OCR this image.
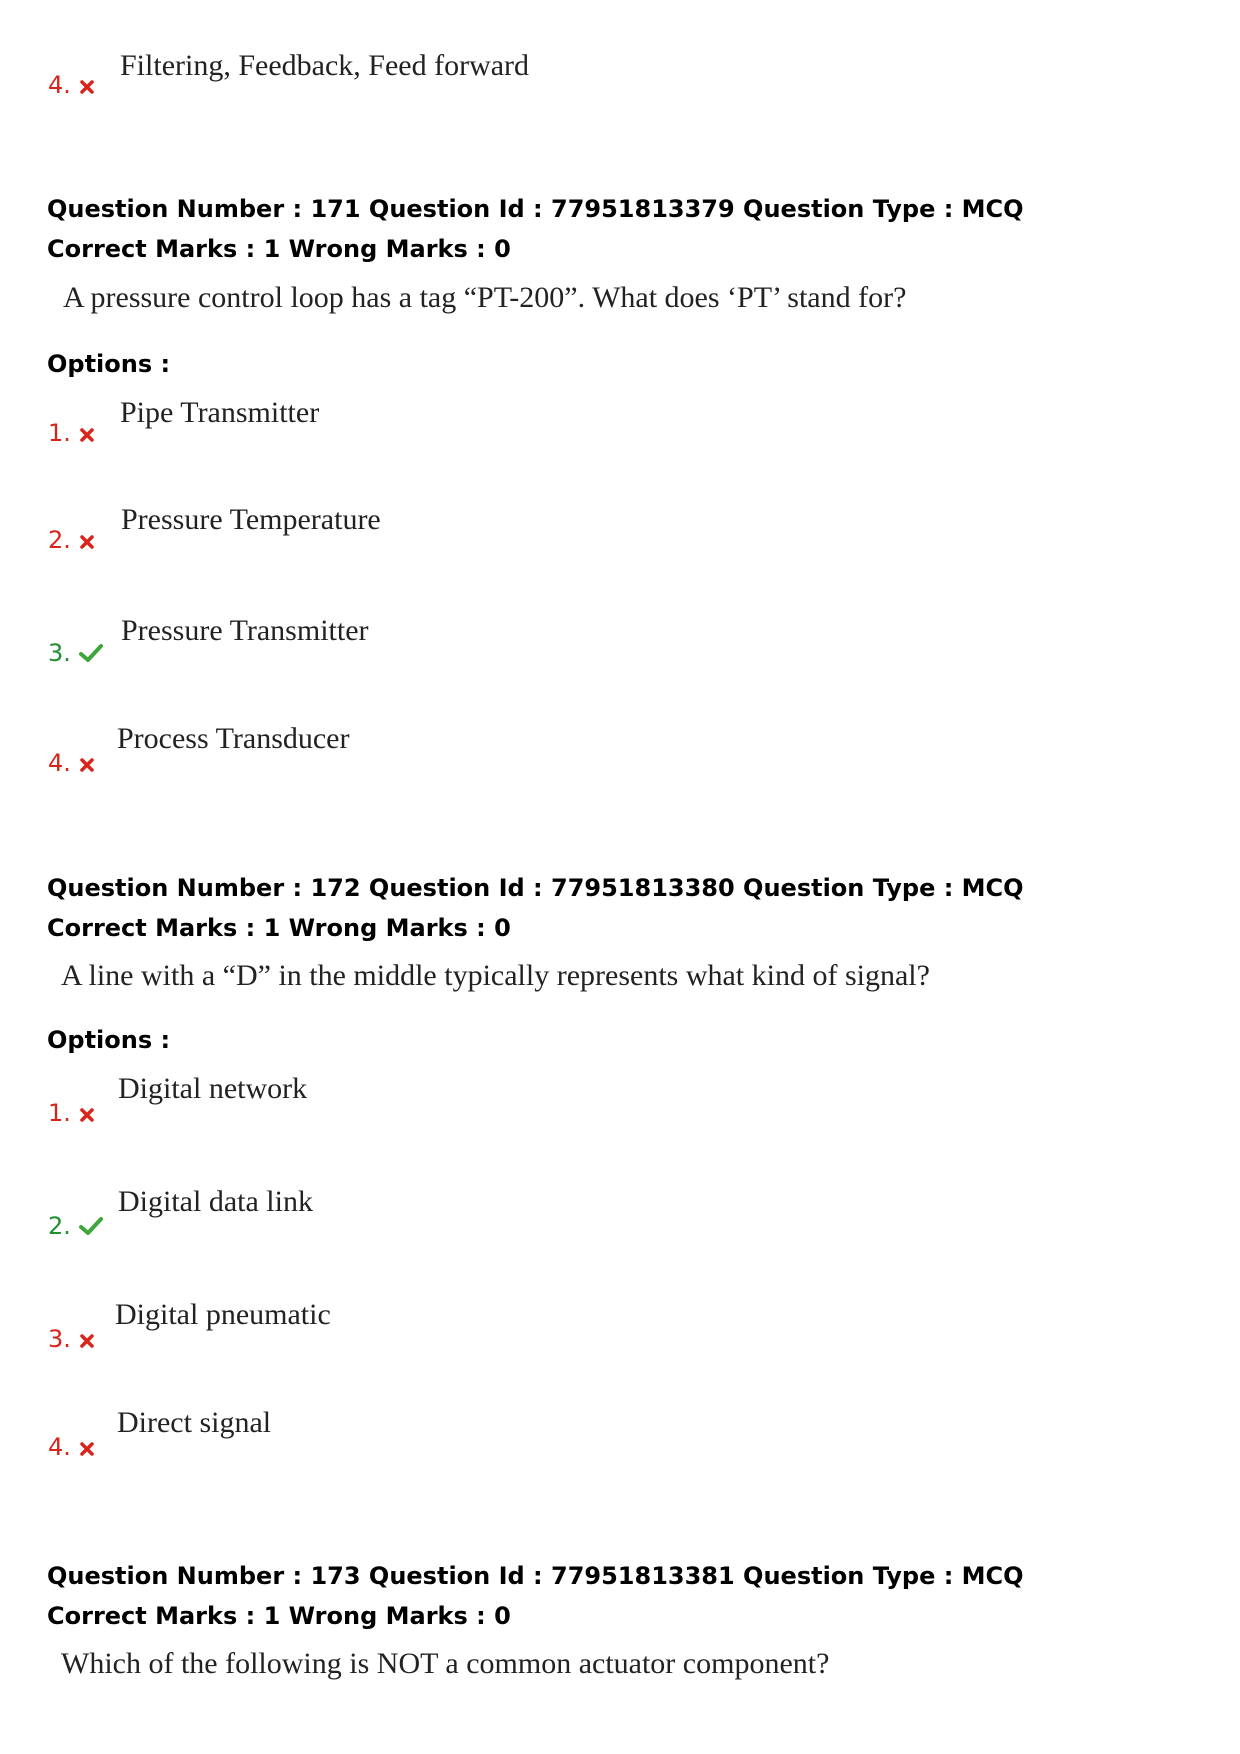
4.
Filtering, Feedback, Feed forward
Question Number : 171 Question Id : 77951813379 Question Type : MCQ
Correct Marks : 1 Wrong Marks : 0
A pressure control loop has a tag “PT-200”. What does ‘PT’ stand for?
Options :
1.
Pipe Transmitter
2.
Pressure Temperature
3.
Pressure Transmitter
4.
Process Transducer
Question Number : 172 Question Id : 77951813380 Question Type : MCQ
Correct Marks : 1 Wrong Marks : 0
A line with a “D” in the middle typically represents what kind of signal?
Options :
1.
Digital network
2.
Digital data link
3.
Digital pneumatic
4.
Direct signal
Question Number : 173 Question Id : 77951813381 Question Type : MCQ
Correct Marks : 1 Wrong Marks : 0
Which of the following is NOT a common actuator component?
